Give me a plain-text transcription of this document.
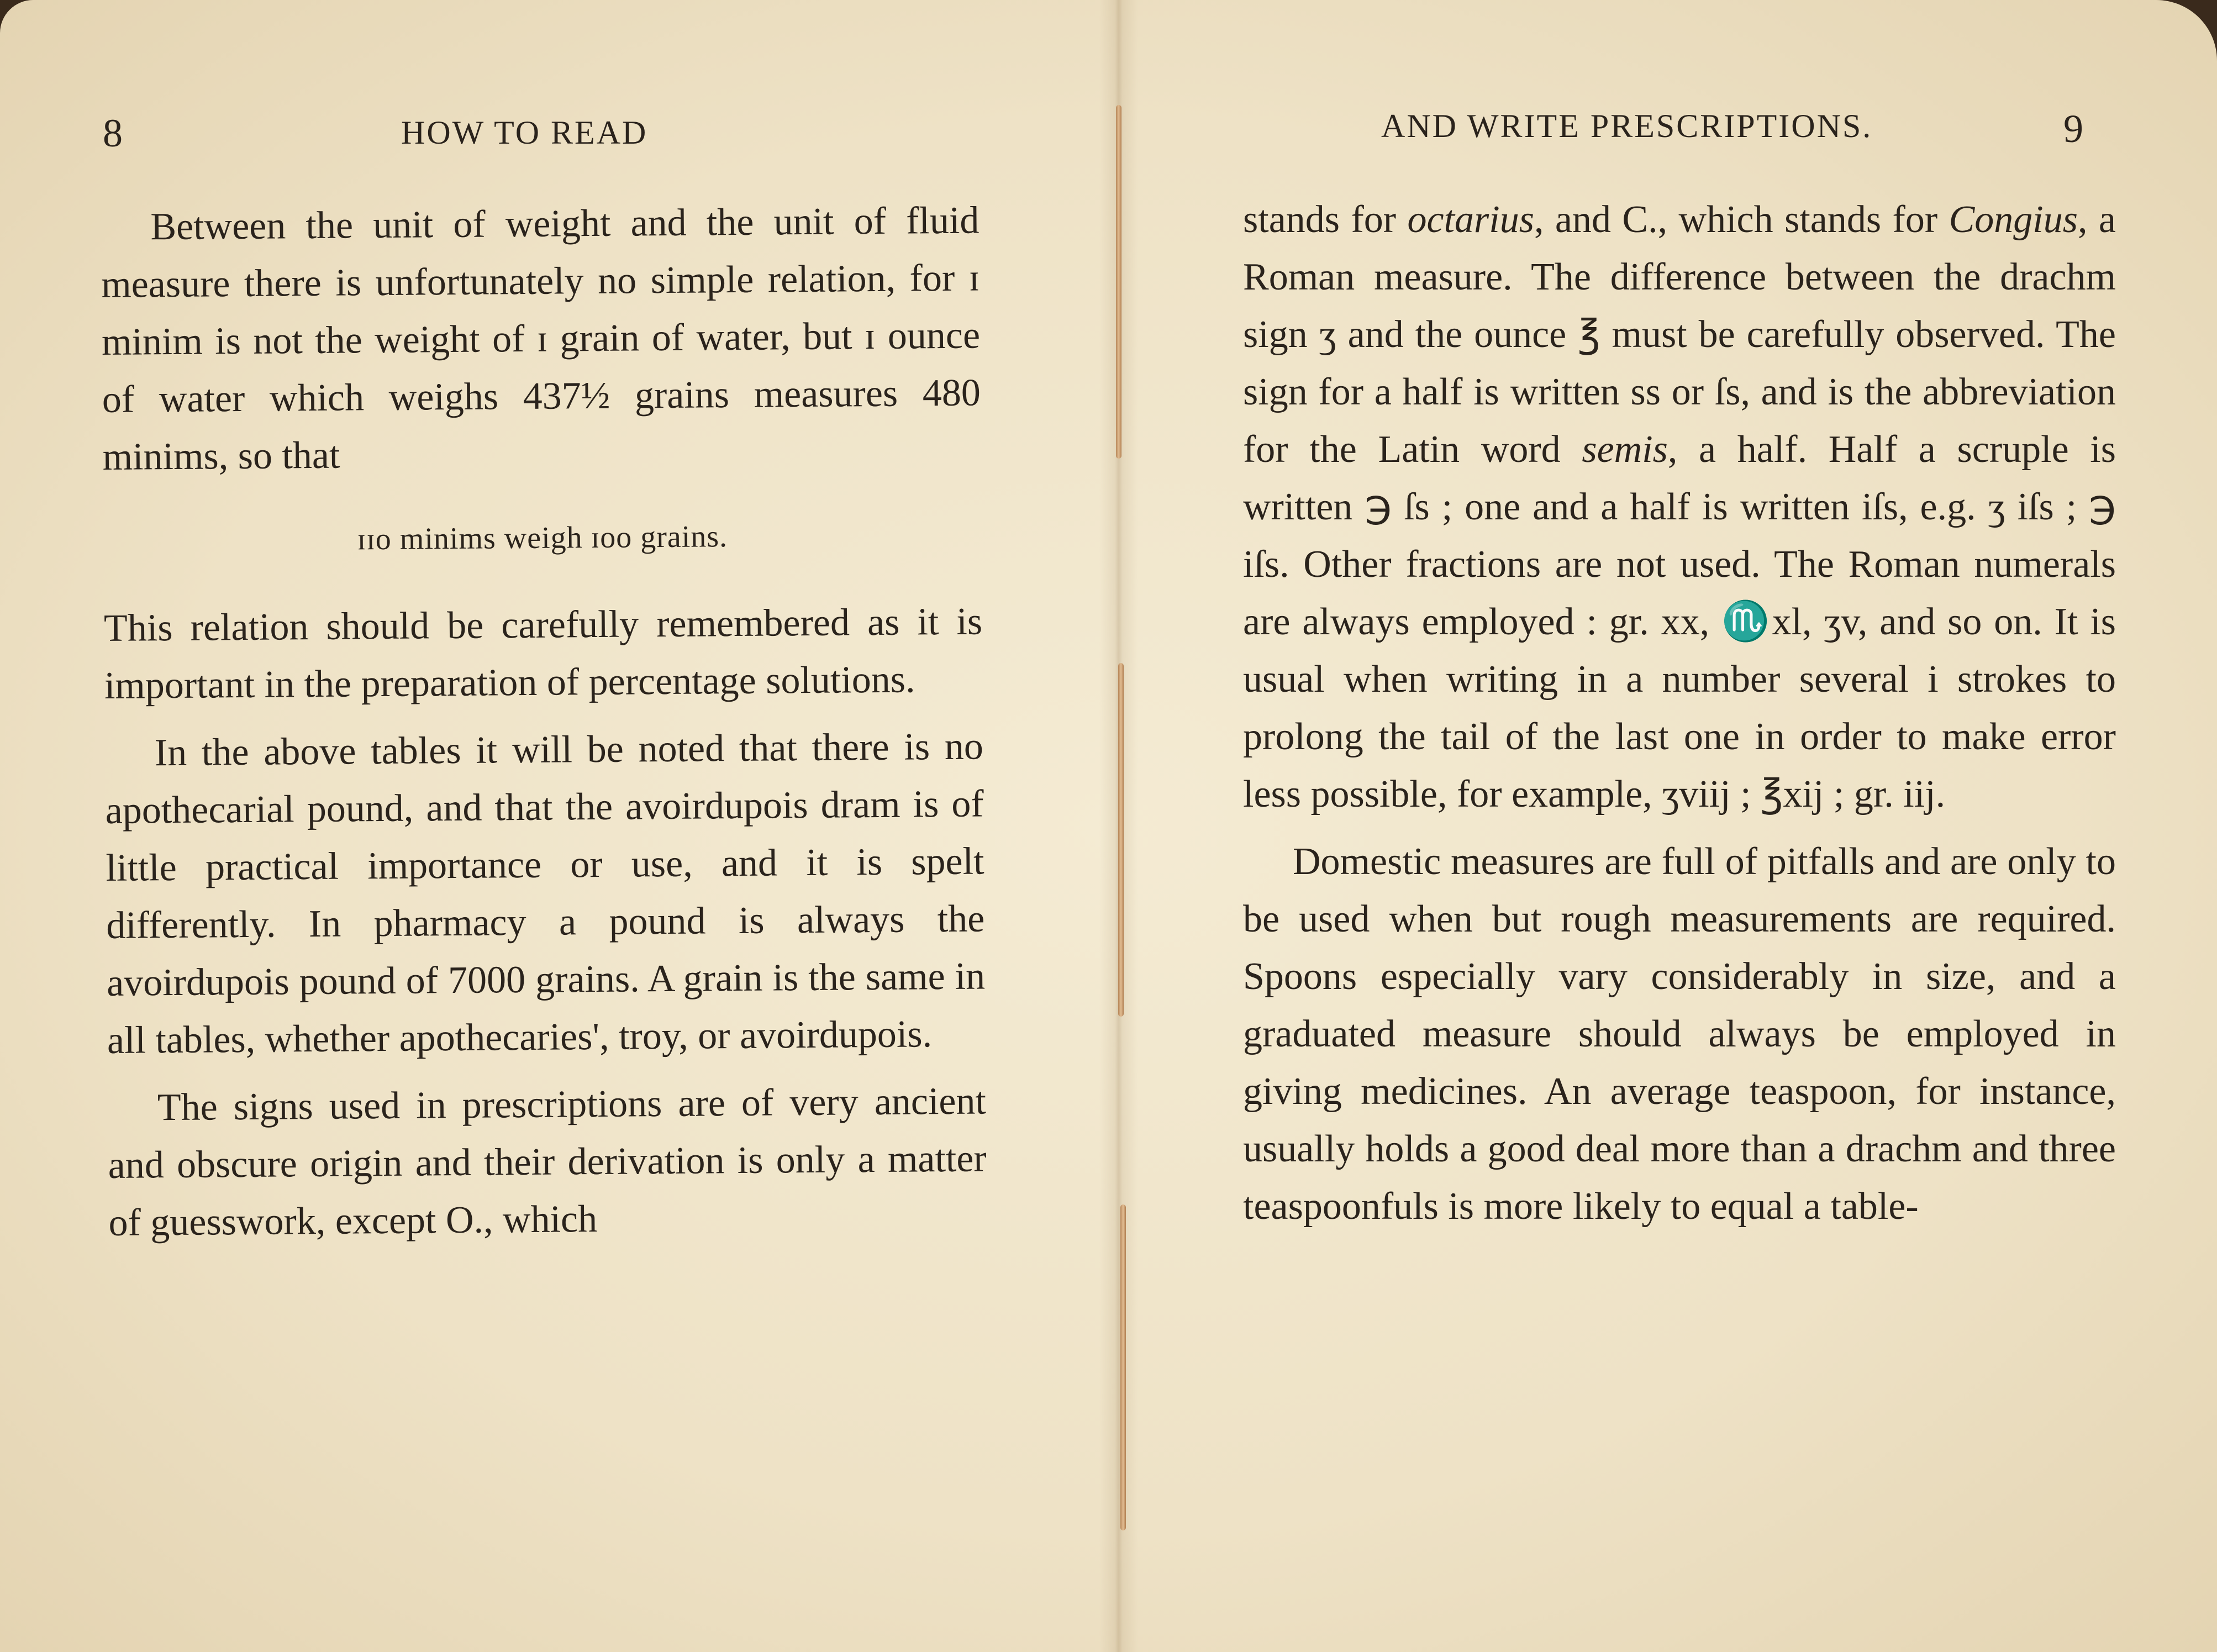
8	HOW TO READ

Between the unit of weight and the unit of fluid measure there is unfortunately no simple relation, for ɪ minim is not the weight of ɪ grain of water, but ɪ ounce of water which weighs 437½ grains measures 480 minims, so that

ɪɪo minims weigh ɪoo grains.

This relation should be carefully remembered as it is important in the preparation of percentage solutions.

In the above tables it will be noted that there is no apothecarial pound, and that the avoirdupois dram is of little practical importance or use, and it is spelt differently. In pharmacy a pound is always the avoirdupois pound of 7000 grains. A grain is the same in all tables, whether apothecaries', troy, or avoirdupois.

The signs used in prescriptions are of very ancient and obscure origin and their derivation is only a matter of guesswork, except O., which

AND WRITE PRESCRIPTIONS.	9

stands for octarius, and C., which stands for Congius, a Roman measure. The difference between the drachm sign ʒ and the ounce ℥ must be carefully observed. The sign for a half is written ss or ſs, and is the abbreviation for the Latin word semis, a half. Half a scruple is written ℈ ſs ; one and a half is written iſs, e.g. ʒ iſs ; ℈ iſs. Other fractions are not used. The Roman numerals are always employed : gr. xx, ♏xl, ʒv, and so on. It is usual when writing in a number several i strokes to prolong the tail of the last one in order to make error less possible, for example, ʒviij ; ℥xij ; gr. iij.

Domestic measures are full of pitfalls and are only to be used when but rough measurements are required. Spoons especially vary considerably in size, and a graduated measure should always be employed in giving medicines. An average teaspoon, for instance, usually holds a good deal more than a drachm and three teaspoonfuls is more likely to equal a table-
